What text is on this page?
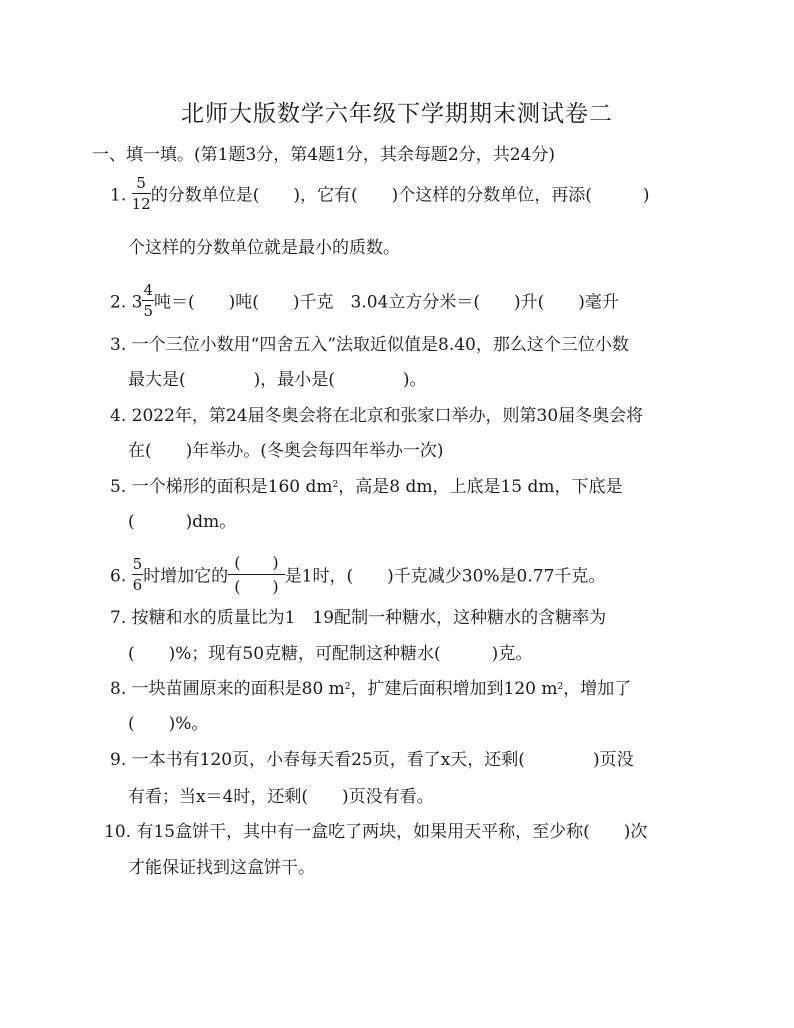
北师大版数学六年级下学期期末测试卷二
一、填一填。(第1题3分，第4题1分，其余每题2分，共24分)
1. $\frac{5}{12}$ 的分数单位是(　　)，它有(　　)个这样的分数单位，再添(　　　)
个这样的分数单位就是最小的质数。
2. $3 \frac{4}{5}$ 吨＝(　　)吨(　　)千克　3.04立方分米＝(　　)升(　　)毫升
3. 一个三位小数用“四舍五入”法取近似值是8.40，那么这个三位小数
最大是(　　　　)，最小是(　　　　)。
4. 2022年，第24届冬奥会将在北京和张家口举办，则第30届冬奥会将
在(　　)年举办。(冬奥会每四年举办一次)
5. 一个梯形的面积是160 $dm^2$，高是8 dm，上底是15 dm，下底是
(　　　)dm。
6. $\frac{5}{6}$ 时增加它的 $\frac{( )}{( )}$ 是1时，(　　)千克减少30%是0.77千克。
7. 按糖和水的质量比为1　19配制一种糖水，这种糖水的含糖率为
(　　)%；现有50克糖，可配制这种糖水(　　　)克。
8. 一块苗圃原来的面积是80 $m^2$，扩建后面积增加到120 $m^2$，增加了
(　　)%。
9. 一本书有120页，小春每天看25页，看了x天，还剩(　　　　)页没
有看；当x＝4时，还剩(　　)页没有看。
10. 有15盒饼干，其中有一盒吃了两块，如果用天平称，至少称(　　)次
才能保证找到这盒饼干。
